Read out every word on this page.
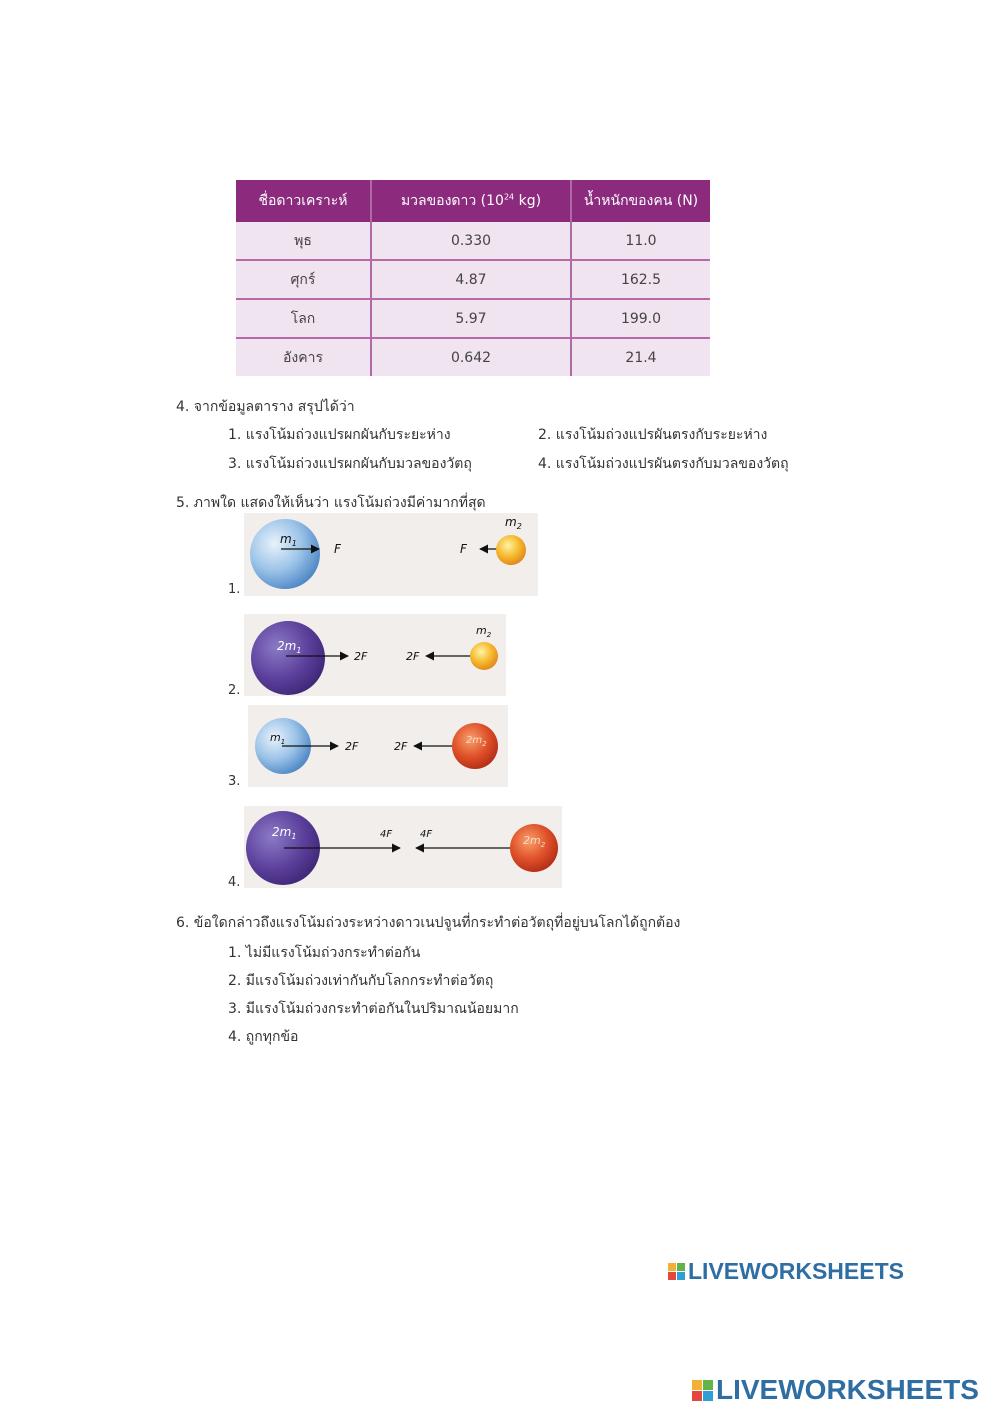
ชื่อดาวเคราะห์	มวลของดาว ($10^{24}$ kg)	น้ำหนักของคน (N)
พุธ	0.330	11.0
ศุกร์	4.87	162.5
โลก	5.97	199.0
อังคาร	0.642	21.4
4. จากข้อมูลตาราง สรุปได้ว่า
1. แรงโน้มถ่วงแปรผกผันกับระยะห่าง	2. แรงโน้มถ่วงแปรผันตรงกับระยะห่าง
3. แรงโน้มถ่วงแปรผกผันกับมวลของวัตถุ	4. แรงโน้มถ่วงแปรผันตรงกับมวลของวัตถุ
5. ภาพใด แสดงให้เห็นว่า แรงโน้มถ่วงมีค่ามากที่สุด
1.
$m_1$	F	F
$m_2$
2.
$2m_1$	2F	2F
$m_2$
3.
$m_1$	2F	2F	$2m_2$
4.
$2m_1$	4F	4F	$2m_2$
6. ข้อใดกล่าวถึงแรงโน้มถ่วงระหว่างดาวเนปจูนที่กระทำต่อวัตถุที่อยู่บนโลกได้ถูกต้อง
1. ไม่มีแรงโน้มถ่วงกระทำต่อกัน
2. มีแรงโน้มถ่วงเท่ากันกับโลกกระทำต่อวัตถุ
3. มีแรงโน้มถ่วงกระทำต่อกันในปริมาณน้อยมาก
4. ถูกทุกข้อ
LIVEWORKSHEETS
LIVEWORKSHEETS
